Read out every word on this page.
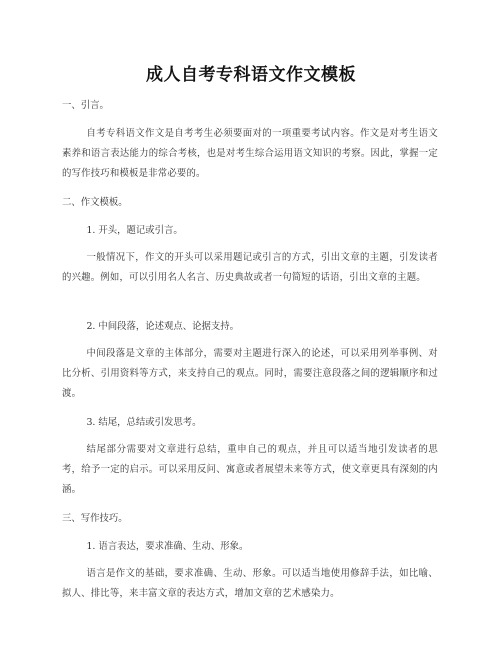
成人自考专科语文作文模板
一、引言。
自考专科语文作文是自考考生必须要面对的一项重要考试内容。作文是对考生语文素养和语言表达能力的综合考核，也是对考生综合运用语文知识的考察。因此，掌握一定的写作技巧和模板是非常必要的。
二、作文模板。
1. 开头，题记或引言。
一般情况下，作文的开头可以采用题记或引言的方式，引出文章的主题，引发读者的兴趣。例如，可以引用名人名言、历史典故或者一句简短的话语，引出文章的主题。
2. 中间段落，论述观点、论据支持。
中间段落是文章的主体部分，需要对主题进行深入的论述，可以采用列举事例、对比分析、引用资料等方式，来支持自己的观点。同时，需要注意段落之间的逻辑顺序和过渡。
3. 结尾，总结或引发思考。
结尾部分需要对文章进行总结，重申自己的观点，并且可以适当地引发读者的思考，给予一定的启示。可以采用反问、寓意或者展望未来等方式，使文章更具有深刻的内涵。
三、写作技巧。
1. 语言表达，要求准确、生动、形象。
语言是作文的基础，要求准确、生动、形象。可以适当地使用修辞手法，如比喻、拟人、排比等，来丰富文章的表达方式，增加文章的艺术感染力。
